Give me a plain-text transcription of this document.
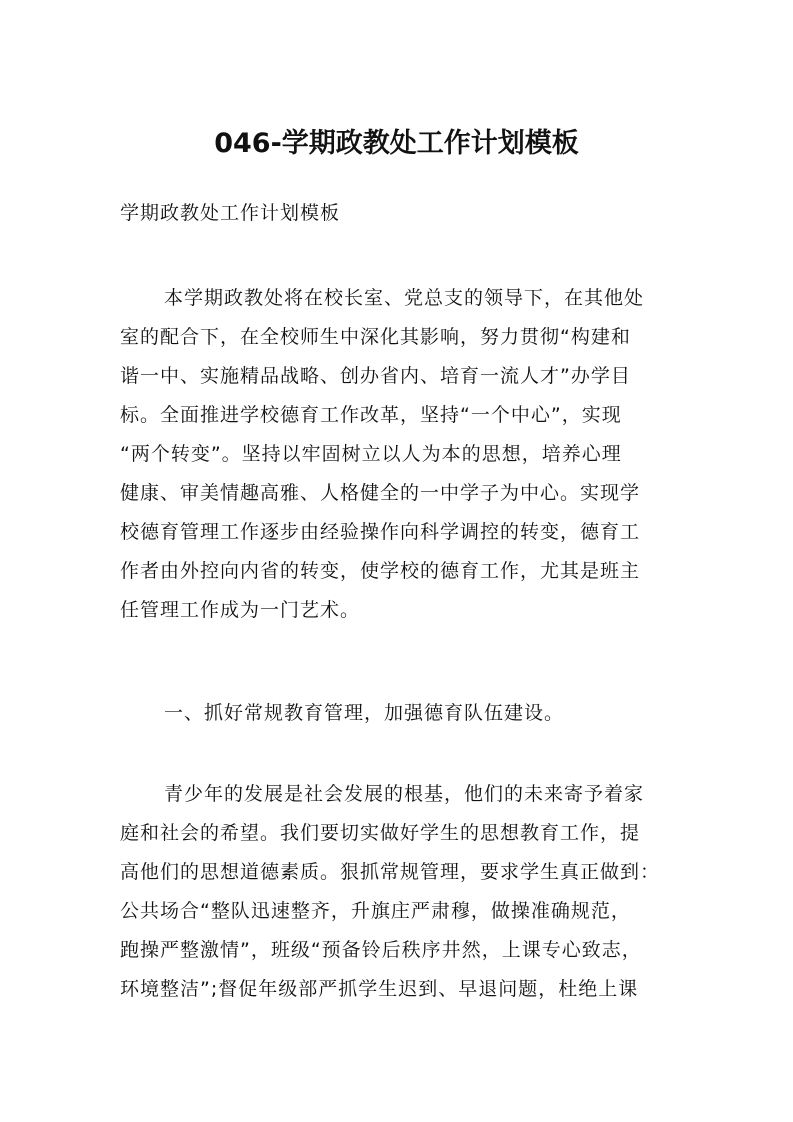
046-学期政教处工作计划模板
学期政教处工作计划模板
本学期政教处将在校长室、党总支的领导下，在其他处
室的配合下，在全校师生中深化其影响，努力贯彻“构建和
谐一中、实施精品战略、创办省内、培育一流人才”办学目
标。全面推进学校德育工作改革，坚持“一个中心”，实现
“两个转变”。坚持以牢固树立以人为本的思想，培养心理
健康、审美情趣高雅、人格健全的一中学子为中心。实现学
校德育管理工作逐步由经验操作向科学调控的转变，德育工
作者由外控向内省的转变，使学校的德育工作，尤其是班主
任管理工作成为一门艺术。
一、抓好常规教育管理，加强德育队伍建设。
青少年的发展是社会发展的根基，他们的未来寄予着家
庭和社会的希望。我们要切实做好学生的思想教育工作，提
高他们的思想道德素质。狠抓常规管理，要求学生真正做到：
公共场合“整队迅速整齐，升旗庄严肃穆，做操准确规范，
跑操严整激情”，班级“预备铃后秩序井然，上课专心致志，
环境整洁”;督促年级部严抓学生迟到、早退问题，杜绝上课
